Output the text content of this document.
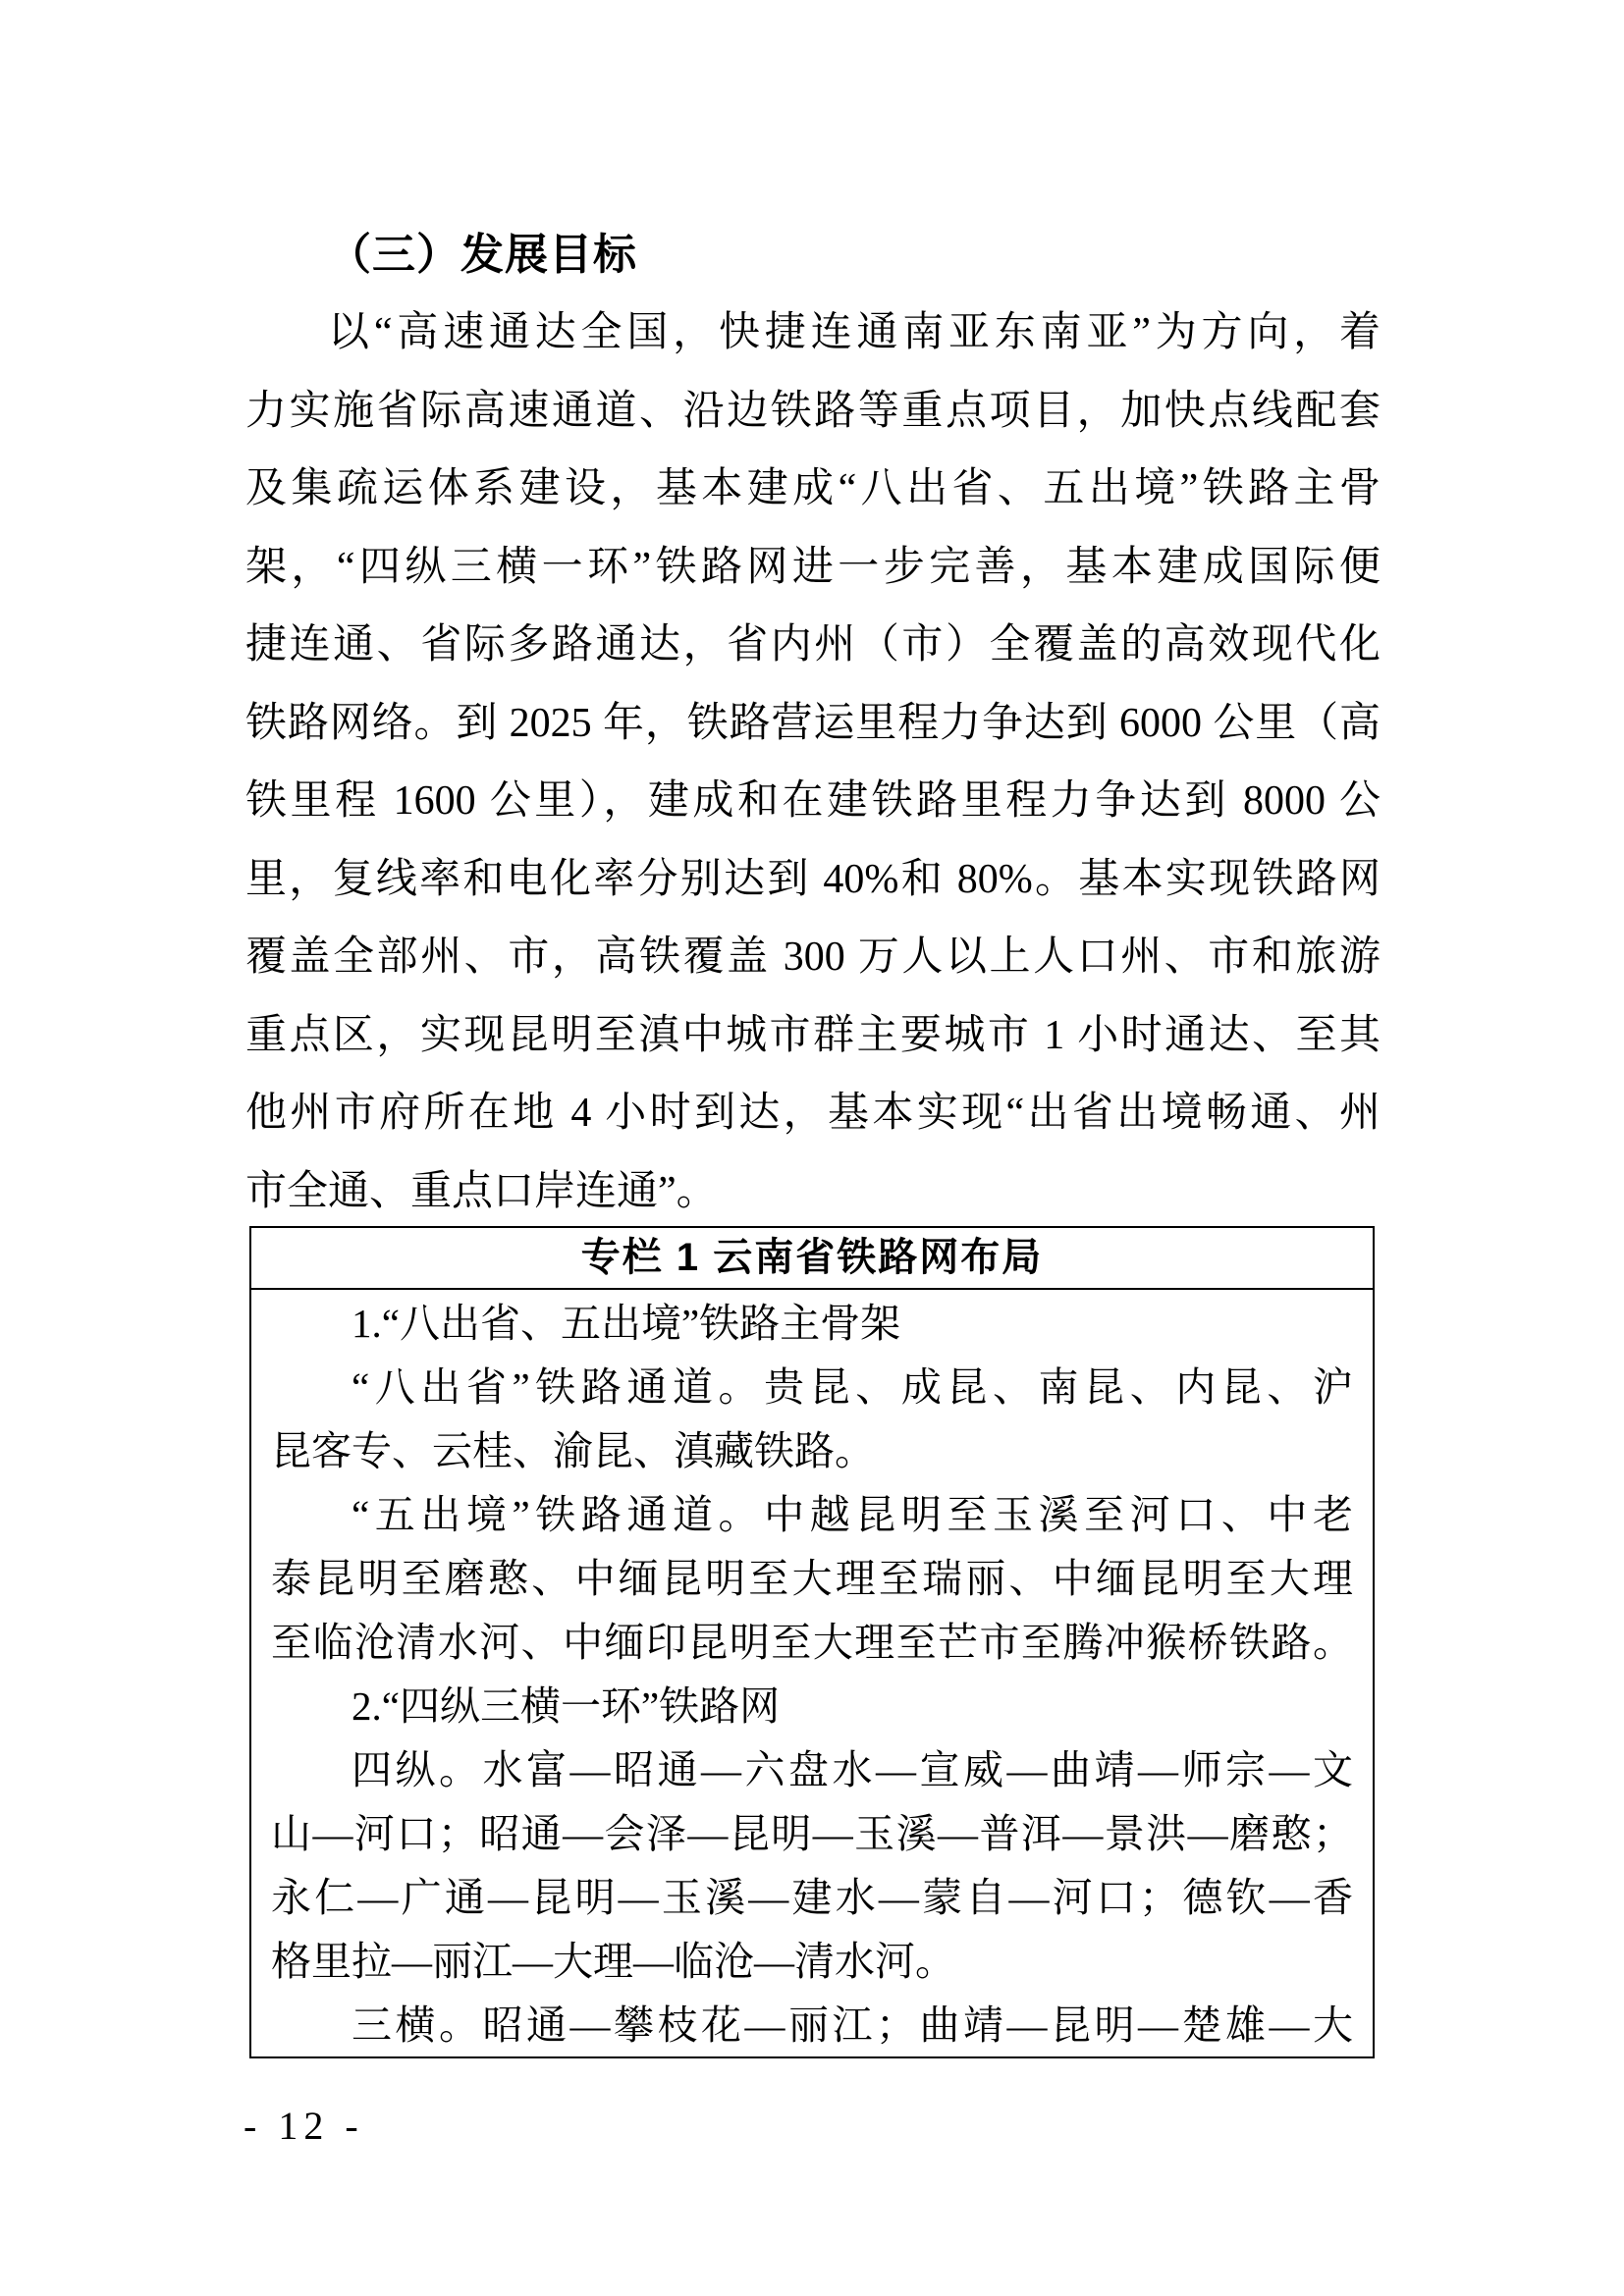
（三）发展目标
以“高速通达全国，快捷连通南亚东南亚”为方向，着
力实施省际高速通道、沿边铁路等重点项目，加快点线配套
及集疏运体系建设，基本建成“八出省、五出境”铁路主骨
架，“四纵三横一环”铁路网进一步完善，基本建成国际便
捷连通、省际多路通达，省内州（市）全覆盖的高效现代化
铁路网络。到 2025 年，铁路营运里程力争达到 6000 公里（高
铁里程 1600 公里），建成和在建铁路里程力争达到 8000 公
里，复线率和电化率分别达到 40%和 80%。基本实现铁路网
覆盖全部州、市，高铁覆盖 300 万人以上人口州、市和旅游
重点区，实现昆明至滇中城市群主要城市 1 小时通达、至其
他州市府所在地 4 小时到达，基本实现“出省出境畅通、州
市全通、重点口岸连通”。
专栏 1 云南省铁路网布局
1.“八出省、五出境”铁路主骨架
“八出省”铁路通道。贵昆、成昆、南昆、内昆、沪
昆客专、云桂、渝昆、滇藏铁路。
“五出境”铁路通道。中越昆明至玉溪至河口、中老
泰昆明至磨憨、中缅昆明至大理至瑞丽、中缅昆明至大理
至临沧清水河、中缅印昆明至大理至芒市至腾冲猴桥铁路。
2.“四纵三横一环”铁路网
四纵。水富—昭通—六盘水—宣威—曲靖—师宗—文
山—河口；昭通—会泽—昆明—玉溪—普洱—景洪—磨憨；
永仁—广通—昆明—玉溪—建水—蒙自—河口；德钦—香
格里拉—丽江—大理—临沧—清水河。
三横。昭通—攀枝花—丽江；曲靖—昆明—楚雄—大
- 12 -
